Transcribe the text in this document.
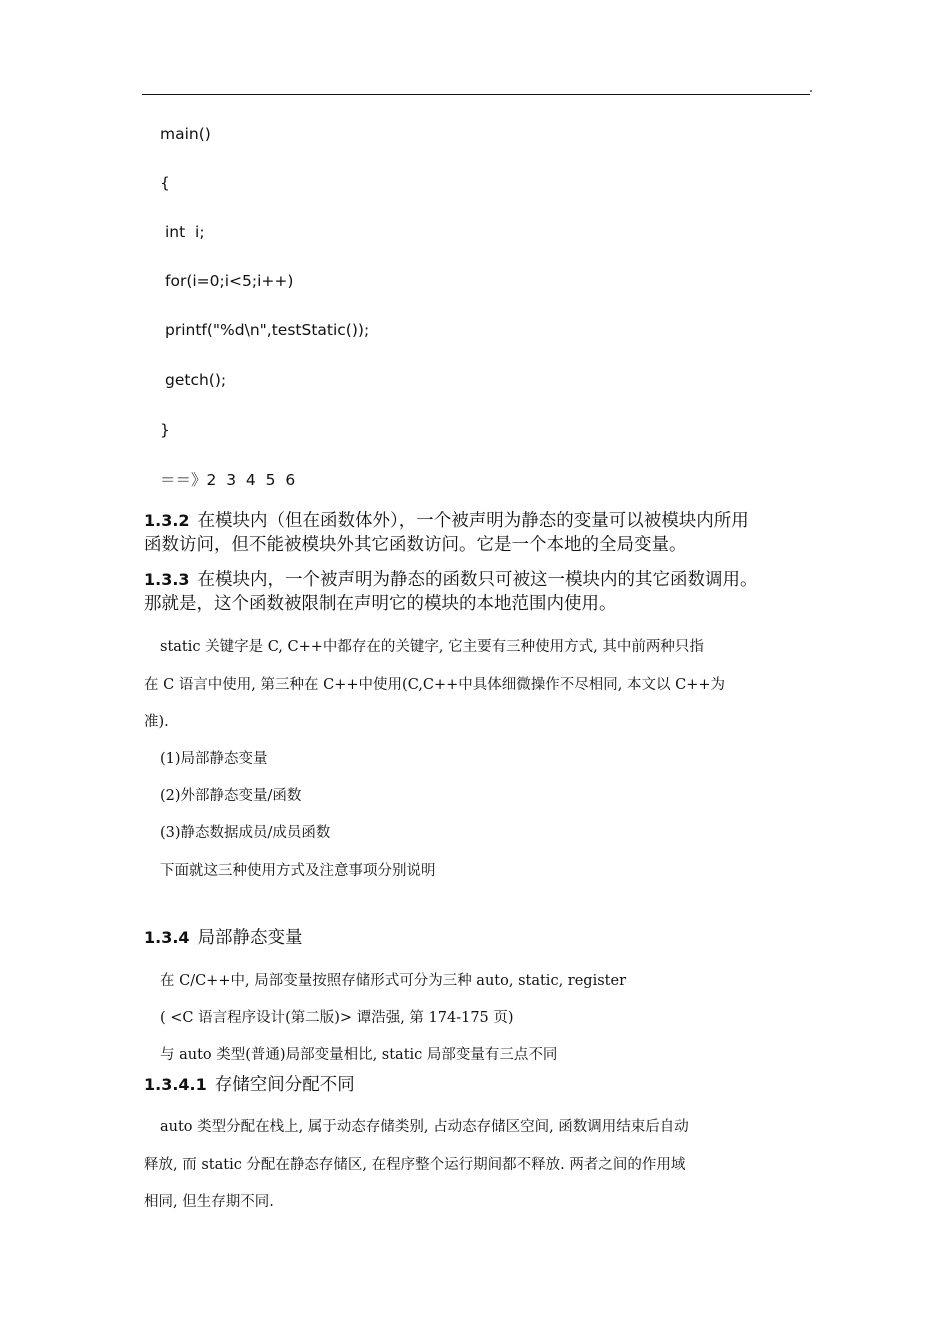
main()
{
int  i;
for(i=0;i<5;i++)
printf("%d\n",testStatic());
getch();
}
＝＝》2  3  4  5  6
1.3.2 在模块内（但在函数体外），一个被声明为静态的变量可以被模块内所用
函数访问，但不能被模块外其它函数访问。它是一个本地的全局变量。
1.3.3 在模块内，一个被声明为静态的函数只可被这一模块内的其它函数调用。
那就是，这个函数被限制在声明它的模块的本地范围内使用。
static 关键字是 C, C++中都存在的关键字, 它主要有三种使用方式, 其中前两种只指
在 C 语言中使用, 第三种在 C++中使用(C,C++中具体细微操作不尽相同, 本文以 C++为
准).
(1)局部静态变量
(2)外部静态变量/函数
(3)静态数据成员/成员函数
下面就这三种使用方式及注意事项分别说明
1.3.4 局部静态变量
在 C/C++中, 局部变量按照存储形式可分为三种 auto, static, register
( <C 语言程序设计(第二版)> 谭浩强, 第 174-175 页)
与 auto 类型(普通)局部变量相比, static 局部变量有三点不同
1.3.4.1 存储空间分配不同
auto 类型分配在栈上, 属于动态存储类别, 占动态存储区空间, 函数调用结束后自动
释放, 而 static 分配在静态存储区, 在程序整个运行期间都不释放. 两者之间的作用域
相同, 但生存期不同.
